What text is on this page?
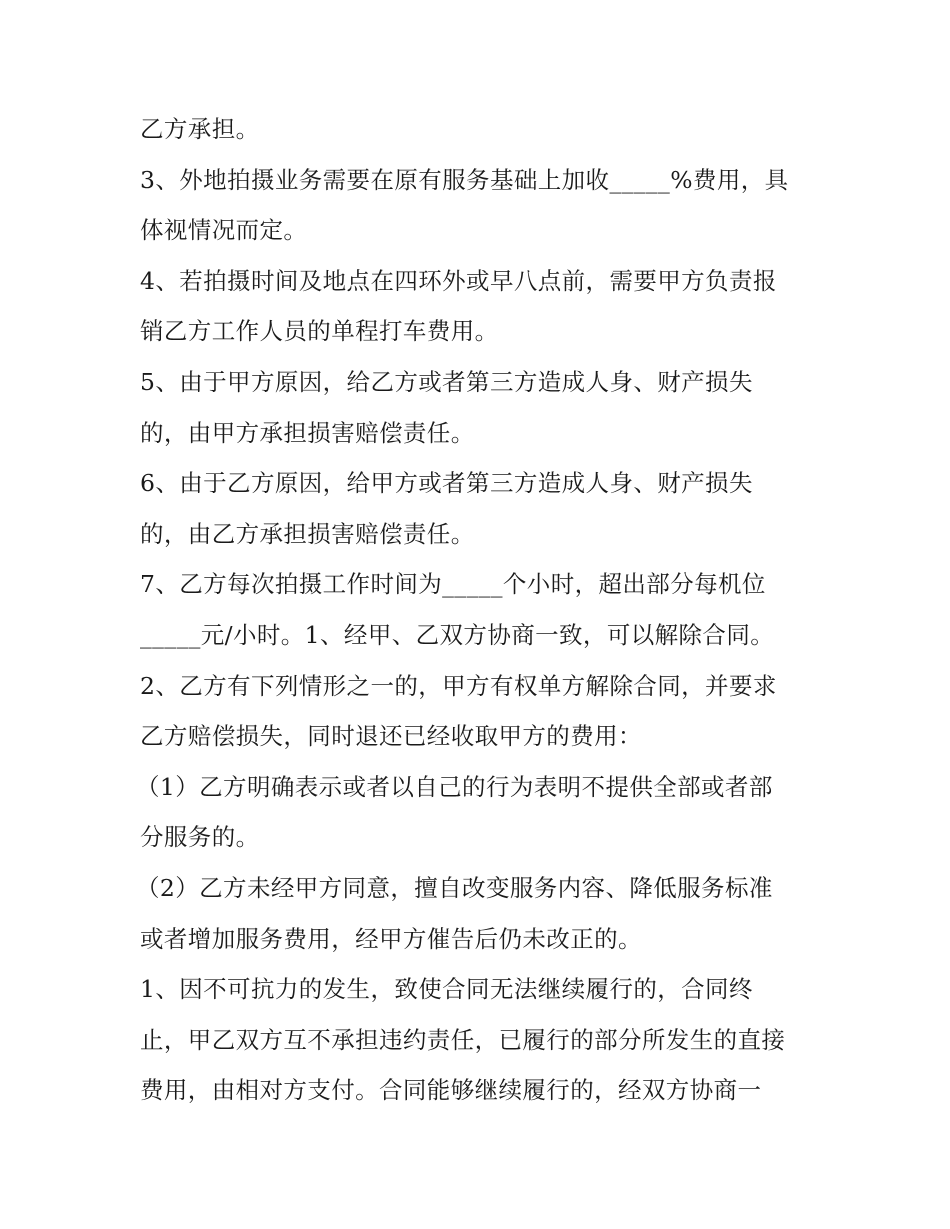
乙方承担。
3、外地拍摄业务需要在原有服务基础上加收_____%费用，具
体视情况而定。
4、若拍摄时间及地点在四环外或早八点前，需要甲方负责报
销乙方工作人员的单程打车费用。
5、由于甲方原因，给乙方或者第三方造成人身、财产损失
的，由甲方承担损害赔偿责任。
6、由于乙方原因，给甲方或者第三方造成人身、财产损失
的，由乙方承担损害赔偿责任。
7、乙方每次拍摄工作时间为_____个小时，超出部分每机位
_____元/小时。1、经甲、乙双方协商一致，可以解除合同。
2、乙方有下列情形之一的，甲方有权单方解除合同，并要求
乙方赔偿损失，同时退还已经收取甲方的费用：
（1）乙方明确表示或者以自己的行为表明不提供全部或者部
分服务的。
（2）乙方未经甲方同意，擅自改变服务内容、降低服务标准
或者增加服务费用，经甲方催告后仍未改正的。
1、因不可抗力的发生，致使合同无法继续履行的，合同终
止，甲乙双方互不承担违约责任，已履行的部分所发生的直接
费用，由相对方支付。合同能够继续履行的，经双方协商一
